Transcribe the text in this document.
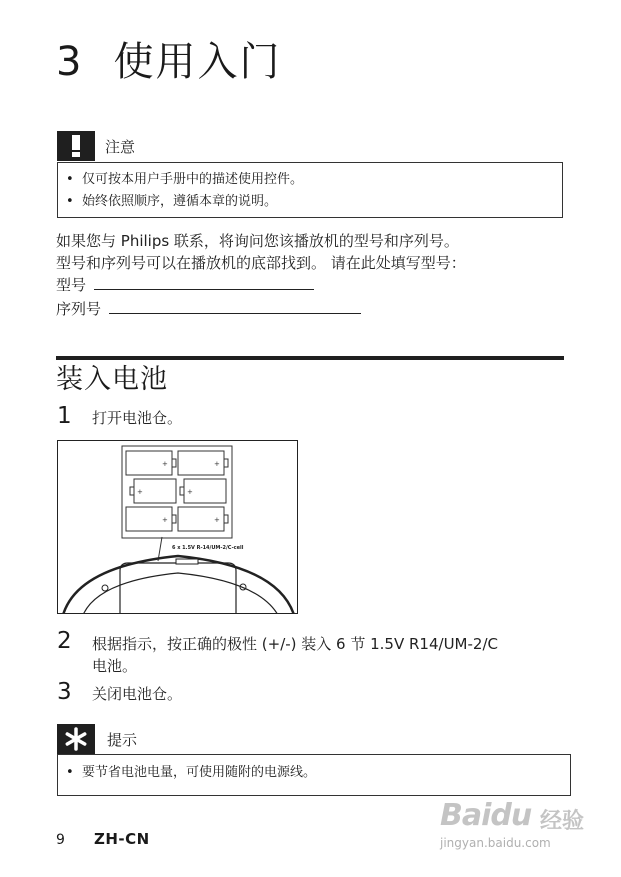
3 使用入门
注意
• 仅可按本用户手册中的描述使用控件。
• 始终依照顺序，遵循本章的说明。
如果您与 Philips 联系，将询问您该播放机的型号和序列号。
型号和序列号可以在播放机的底部找到。 请在此处填写型号：
型号
序列号
装入电池
1 打开电池仓。
+	+
+	+
+	+
6 x 1.5V R-14/UM-2/C-cell
2 根据指示，按正确的极性 (+/-) 装入 6 节 1.5V R14/UM-2/C
电池。
3 关闭电池仓。
提示
• 要节省电池电量，可使用随附的电源线。
9 ZH-CN
Baidu 经验
jingyan.baidu.com
